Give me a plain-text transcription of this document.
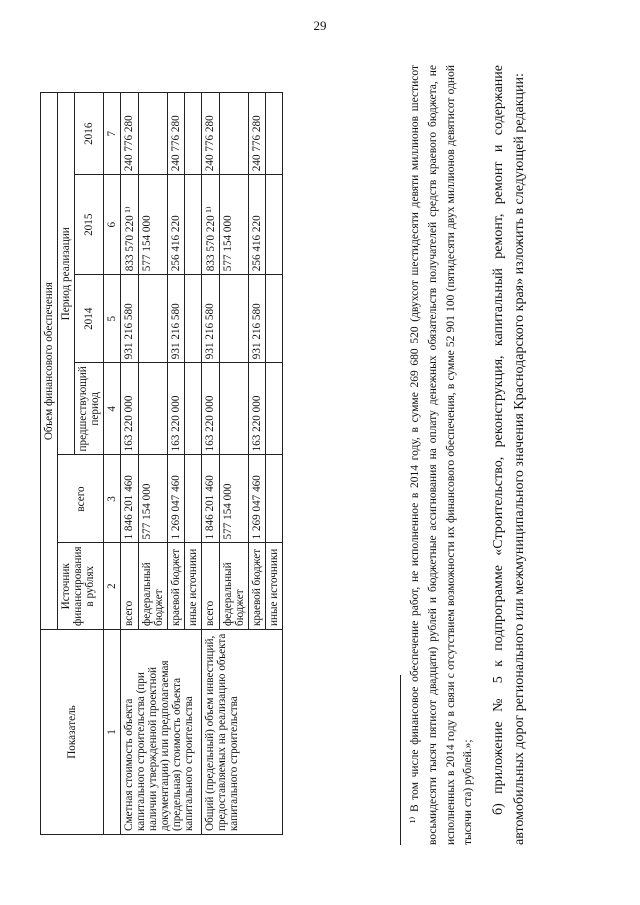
29
Показатель	Объем финансового обеспечения					
	Источник финансирования в рублях	всего	Период реализации			
			предшествующий период	2014	2015	2016
1	2	3	4	5	6	7
Сметная стоимость объекта капитального строительства (при наличии утвержденной проектной документации) или предполагаемая (предельная) стоимость объекта капитального строительства	всего	1 846 201 460	163 220 000	931 216 580	833 570 220 ¹⁾	240 776 280
	федеральный бюджет	577 154 000			577 154 000	
	краевой бюджет	1 269 047 460	163 220 000	931 216 580	256 416 220	240 776 280
	иные источники					
Общий (предельный) объем инвестиций, предоставляемых на реализацию объекта капитального строительства	всего	1 846 201 460	163 220 000	931 216 580	833 570 220 ¹⁾	240 776 280
	федеральный бюджет	577 154 000			577 154 000	
	краевой бюджет	1 269 047 460	163 220 000	931 216 580	256 416 220	240 776 280
	иные источники						¹⁾ В том числе финансовое обеспечение работ, не исполненное в 2014 году, в сумме 269 680 520 (двухсот шестидесяти девяти миллионов шестисот восьмидесяти тысяч пятисот двадцати) рублей и бюджетные ассигнования на оплату денежных обязательств получателей средств краевого бюджета, не исполненных в 2014 году в связи с отсутствием возможности их финансового обеспечения, в сумме 52 901 100 (пятидесяти двух миллионов девятисот одной тысячи ста) рублей.»; б) приложение № 5 к подпрограмме «Строительство, реконструкция, капитальный ремонт, ремонт и содержание автомобильных дорог регионального или межмуниципального значения Краснодарского края» изложить в следующей редакции:
